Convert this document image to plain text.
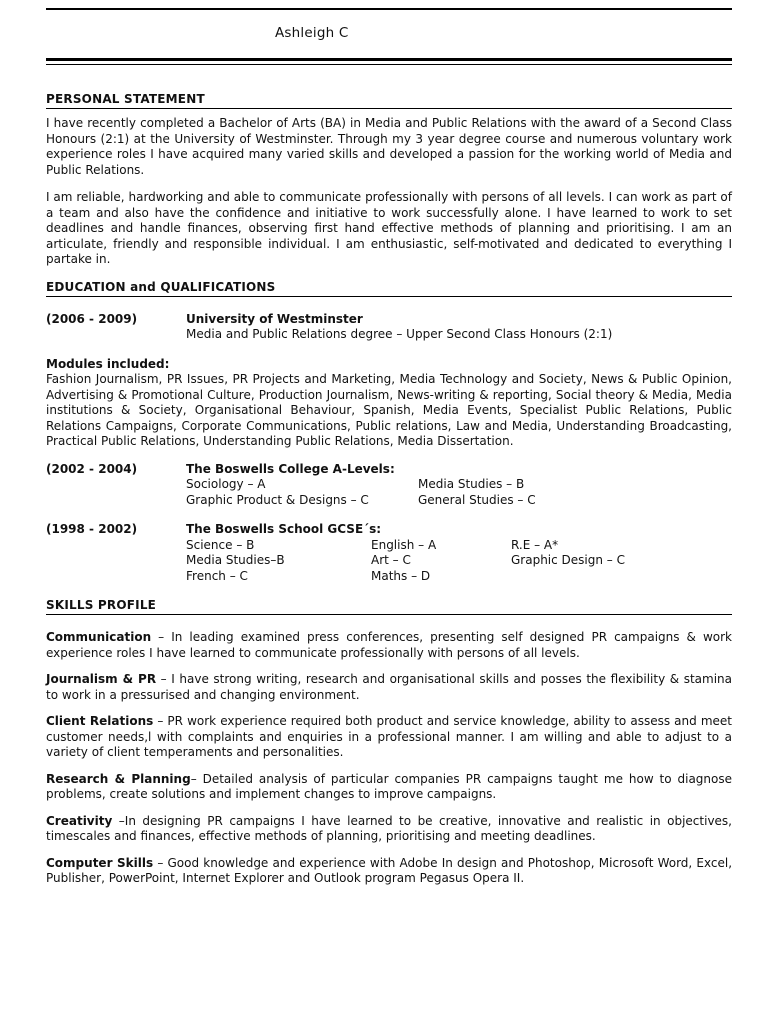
Ashleigh C
PERSONAL STATEMENT

I have recently completed a Bachelor of Arts (BA) in Media and Public Relations with the award of a Second Class Honours (2:1) at the University of Westminster. Through my 3 year degree course and numerous voluntary work experience roles I have acquired many varied skills and developed a passion for the working world of Media and Public Relations.

I am reliable, hardworking and able to communicate professionally with persons of all levels. I can work as part of a team and also have the confidence and initiative to work successfully alone. I have learned to work to set deadlines and handle finances, observing first hand effective methods of planning and prioritising. I am an articulate, friendly and responsible individual. I am enthusiastic, self-motivated and dedicated to everything I partake in.

EDUCATION and QUALIFICATIONS
(2006 - 2009)	University of Westminster
Media and Public Relations degree – Upper Second Class Honours (2:1)
Modules included:

Fashion Journalism, PR Issues, PR Projects and Marketing, Media Technology and Society, News & Public Opinion, Advertising & Promotional Culture, Production Journalism, News-writing & reporting, Social theory & Media, Media institutions & Society, Organisational Behaviour, Spanish, Media Events, Specialist Public Relations, Public Relations Campaigns, Corporate Communications, Public relations, Law and Media, Understanding Broadcasting, Practical Public Relations, Understanding Public Relations, Media Dissertation.

(2002 - 2004)	The Boswells College A-Levels:
Sociology – A	Media Studies – B
Graphic Product & Designs – C	General Studies – C
(1998 - 2002)	The Boswells School GCSE´s:
Science – B	English – A	R.E – A*
Media Studies–B	Art – C	Graphic Design – C
French – C	Maths – D
SKILLS PROFILE
Communication – In leading examined press conferences, presenting self designed PR campaigns & work experience roles I have learned to communicate professionally with persons of all levels.
Journalism & PR – I have strong writing, research and organisational skills and posses the flexibility & stamina to work in a pressurised and changing environment.
Client Relations – PR work experience required both product and service knowledge, ability to assess and meet customer needs,l with complaints and enquiries in a professional manner. I am willing and able to adjust to a variety of client temperaments and personalities.
Research & Planning– Detailed analysis of particular companies PR campaigns taught me how to diagnose problems, create solutions and implement changes to improve campaigns.
Creativity –In designing PR campaigns I have learned to be creative, innovative and realistic in objectives, timescales and finances, effective methods of planning, prioritising and meeting deadlines.
Computer Skills – Good knowledge and experience with Adobe In design and Photoshop, Microsoft Word, Excel, Publisher, PowerPoint, Internet Explorer and Outlook program Pegasus Opera II.
